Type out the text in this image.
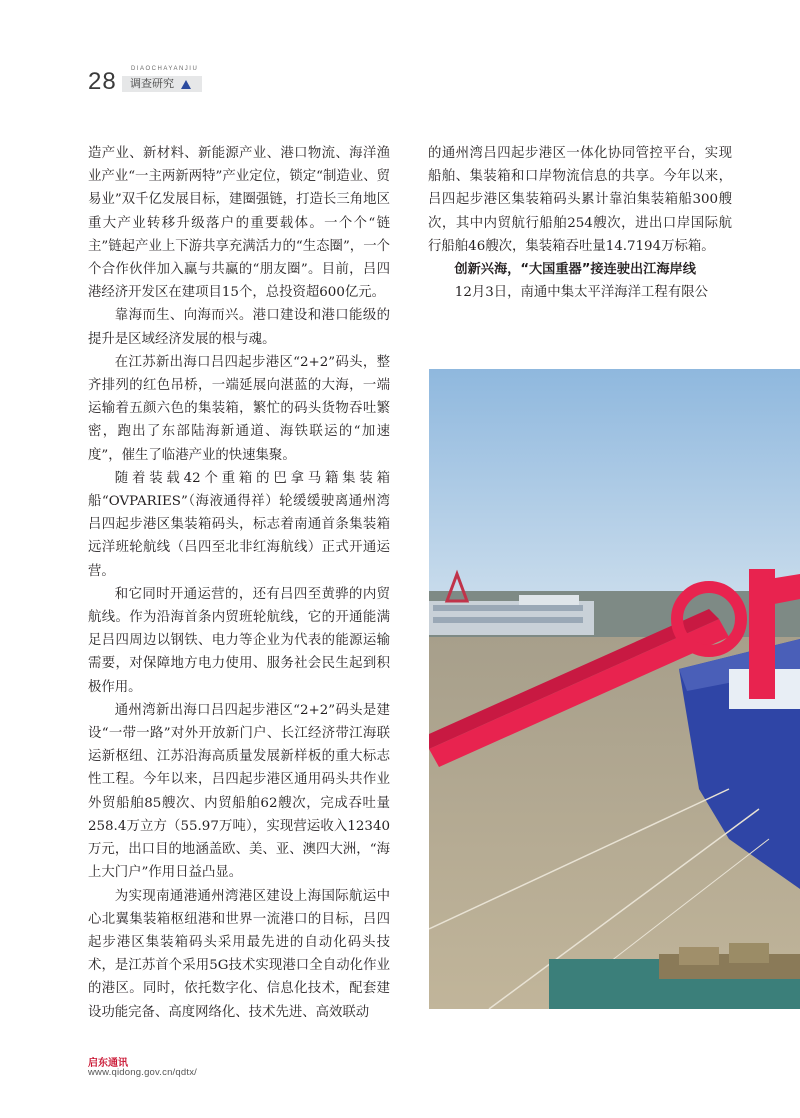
28 DIAOCHAYANJIU
调查研究

造产业、新材料、新能源产业、港口物流、海洋渔业产业“一主两新两特”产业定位，锁定“制造业、贸易业”双千亿发展目标，建圈强链，打造长三角地区重大产业转移升级落户的重要载体。一个个“链主”链起产业上下游共享充满活力的“生态圈”，一个个合作伙伴加入赢与共赢的“朋友圈”。目前，吕四港经济开发区在建项目15个，总投资超600亿元。

靠海而生、向海而兴。港口建设和港口能级的提升是区域经济发展的根与魂。

在江苏新出海口吕四起步港区“2+2”码头，整齐排列的红色吊桥，一端延展向湛蓝的大海，一端运输着五颜六色的集装箱，繁忙的码头货物吞吐繁密，跑出了东部陆海新通道、海铁联运的“加速度”，催生了临港产业的快速集聚。

随着装载42个重箱的巴拿马籍集装箱船“OVPARIES”（海液通得祥）轮缓缓驶离通州湾吕四起步港区集装箱码头，标志着南通首条集装箱远洋班轮航线（吕四至北非红海航线）正式开通运营。

和它同时开通运营的，还有吕四至黄骅的内贸航线。作为沿海首条内贸班轮航线，它的开通能满足吕四周边以钢铁、电力等企业为代表的能源运输需要，对保障地方电力使用、服务社会民生起到积极作用。

通州湾新出海口吕四起步港区“2+2”码头是建设“一带一路”对外开放新门户、长江经济带江海联运新枢纽、江苏沿海高质量发展新样板的重大标志性工程。今年以来，吕四起步港区通用码头共作业外贸船舶85艘次、内贸船舶62艘次，完成吞吐量258.4万立方（55.97万吨），实现营运收入12340万元，出口目的地涵盖欧、美、亚、澳四大洲，“海上大门户”作用日益凸显。

为实现南通港通州湾港区建设上海国际航运中心北翼集装箱枢纽港和世界一流港口的目标，吕四起步港区集装箱码头采用最先进的自动化码头技术，是江苏首个采用5G技术实现港口全自动化作业的港区。同时，依托数字化、信息化技术，配套建设功能完备、高度网络化、技术先进、高效联动

的通州湾吕四起步港区一体化协同管控平台，实现船舶、集装箱和口岸物流信息的共享。今年以来，吕四起步港区集装箱码头累计靠泊集装箱船300艘次，其中内贸航行船舶254艘次，进出口岸国际航行船舶46艘次，集装箱吞吐量14.7194万标箱。

创新兴海，“大国重器”接连驶出江海岸线

12月3日，南通中集太平洋海洋工程有限公

启东通讯
www.qidong.gov.cn/qdtx/
